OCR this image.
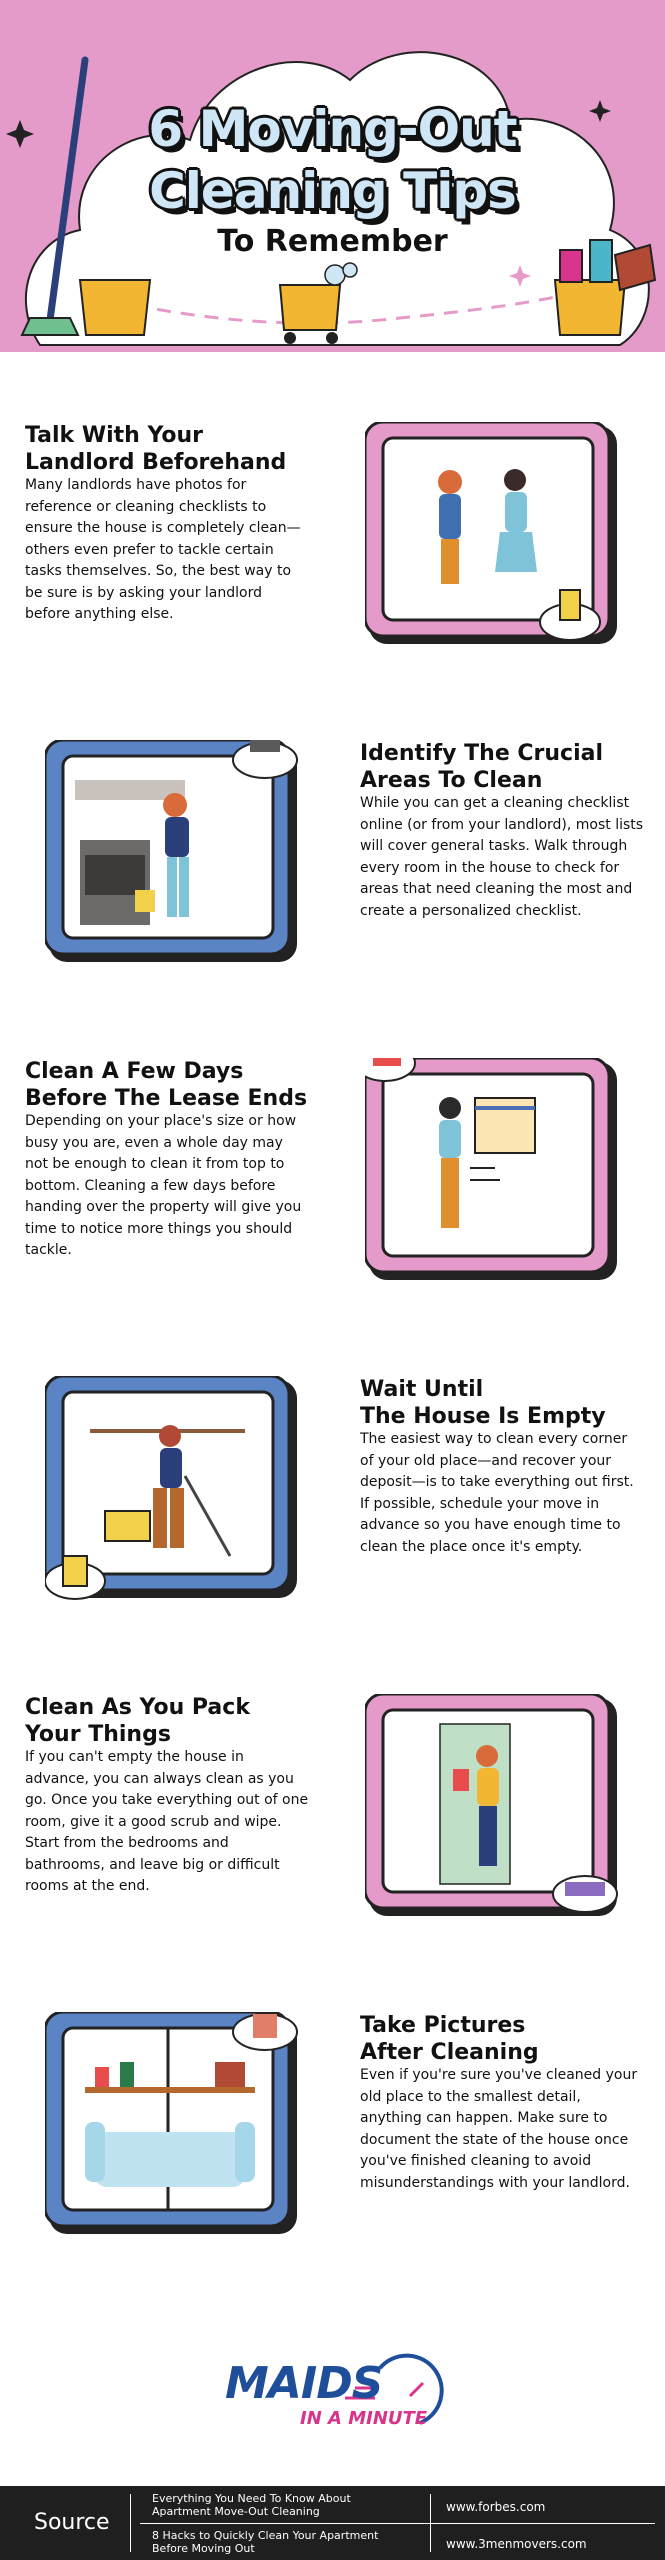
6 Moving-Out
Cleaning Tips
To Remember
Talk With Your
Landlord Beforehand
Many landlords have photos for reference or cleaning checklists to ensure the house is completely clean—others even prefer to tackle certain tasks themselves. So, the best way to be sure is by asking your landlord before anything else.
Identify The Crucial
Areas To Clean
While you can get a cleaning checklist online (or from your landlord), most lists will cover general tasks. Walk through every room in the house to check for areas that need cleaning the most and create a personalized checklist.
Clean A Few Days
Before The Lease Ends
Depending on your place's size or how busy you are, even a whole day may not be enough to clean it from top to bottom. Cleaning a few days before handing over the property will give you time to notice more things you should tackle.
Wait Until
The House Is Empty
The easiest way to clean every corner of your old place—and recover your deposit—is to take everything out first. If possible, schedule your move in advance so you have enough time to clean the place once it's empty.
Clean As You Pack
Your Things
If you can't empty the house in advance, you can always clean as you go. Once you take everything out of one room, give it a good scrub and wipe. Start from the bedrooms and bathrooms, and leave big or difficult rooms at the end.
Take Pictures
After Cleaning
Even if you're sure you've cleaned your old place to the smallest detail, anything can happen. Make sure to document the state of the house once you've finished cleaning to avoid misunderstandings with your landlord.
MAIDS
IN A MINUTE
Source
Everything You Need To Know About Apartment Move-Out Cleaning	www.forbes.com
8 Hacks to Quickly Clean Your Apartment Before Moving Out	www.3menmovers.com
